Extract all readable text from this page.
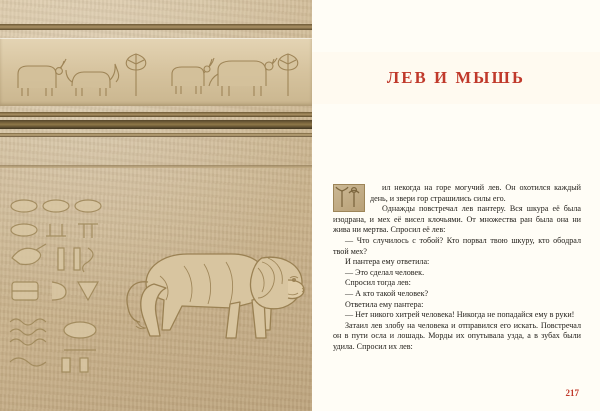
ЛЕВ И МЫШЬ

ил некогда на горе могучий лев. Он охотился каждый день, и звери гор страшились силы его.

Однажды повстречал лев пантеру. Вся шкура её была изодрана, и мех её висел клочьями. От множества ран была она ни жива ни мертва. Спросил её лев:

— Что случилось с тобой? Кто порвал твою шкуру, кто ободрал твой мех?

И пантера ему ответила:

— Это сделал человек.

Спросил тогда лев:

— А кто такой человек?

Ответила ему пантера:

— Нет никого хитрей человека! Никогда не попадайся ему в руки!

Затаил лев злобу на человека и отправился его искать. Повстречал он в пути осла и лошадь. Морды их опутывала узда, а в зубах были удила. Спросил их лев:

217
